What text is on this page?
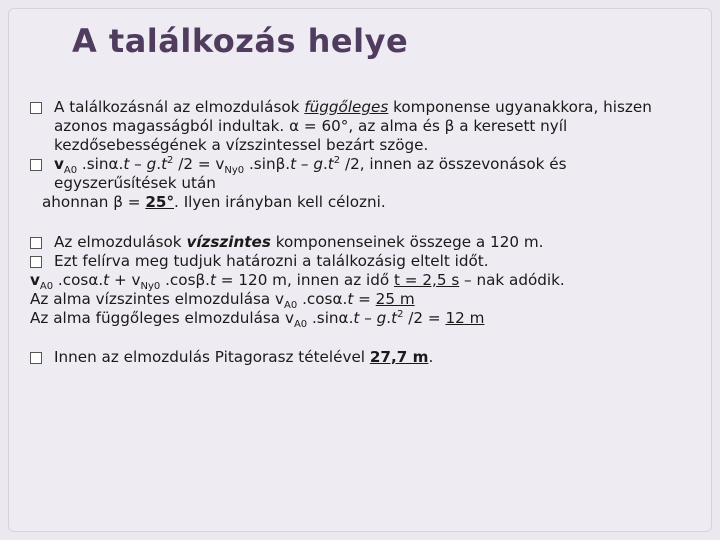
A találkozás helye
A találkozásnál az elmozdulások függőleges komponense ugyanakkora, hiszen azonos magasságból indultak. α = 60°, az alma és β a keresett nyíl kezdősebességének a vízszintessel bezárt szöge.
$v_{A0}$ $.\sin\alpha.t - g.t^2$ $/2 = v_{Ny0}$ $.\sin\beta.t - g.t^2$ /2, innen az összevonások és egyszerűsítések után
ahonnan β = 25°. Ilyen irányban kell célozni.
Az elmozdulások vízszintes komponenseinek összege a 120 m.
Ezt felírva meg tudjuk határozni a találkozásig eltelt időt.
$v_{A0}$ $.\cos\alpha.t + v_{Ny0}$ .cosβ.t = 120 m, innen az idő t = 2,5 s – nak adódik.
Az alma vízszintes elmozdulása $v_{A0}$ .cosα.t = 25 m
Az alma függőleges elmozdulása $v_{A0}$ $.\sin\alpha.t - g.t^2$ /2 = 12 m
Innen az elmozdulás Pitagorasz tételével 27,7 m.
